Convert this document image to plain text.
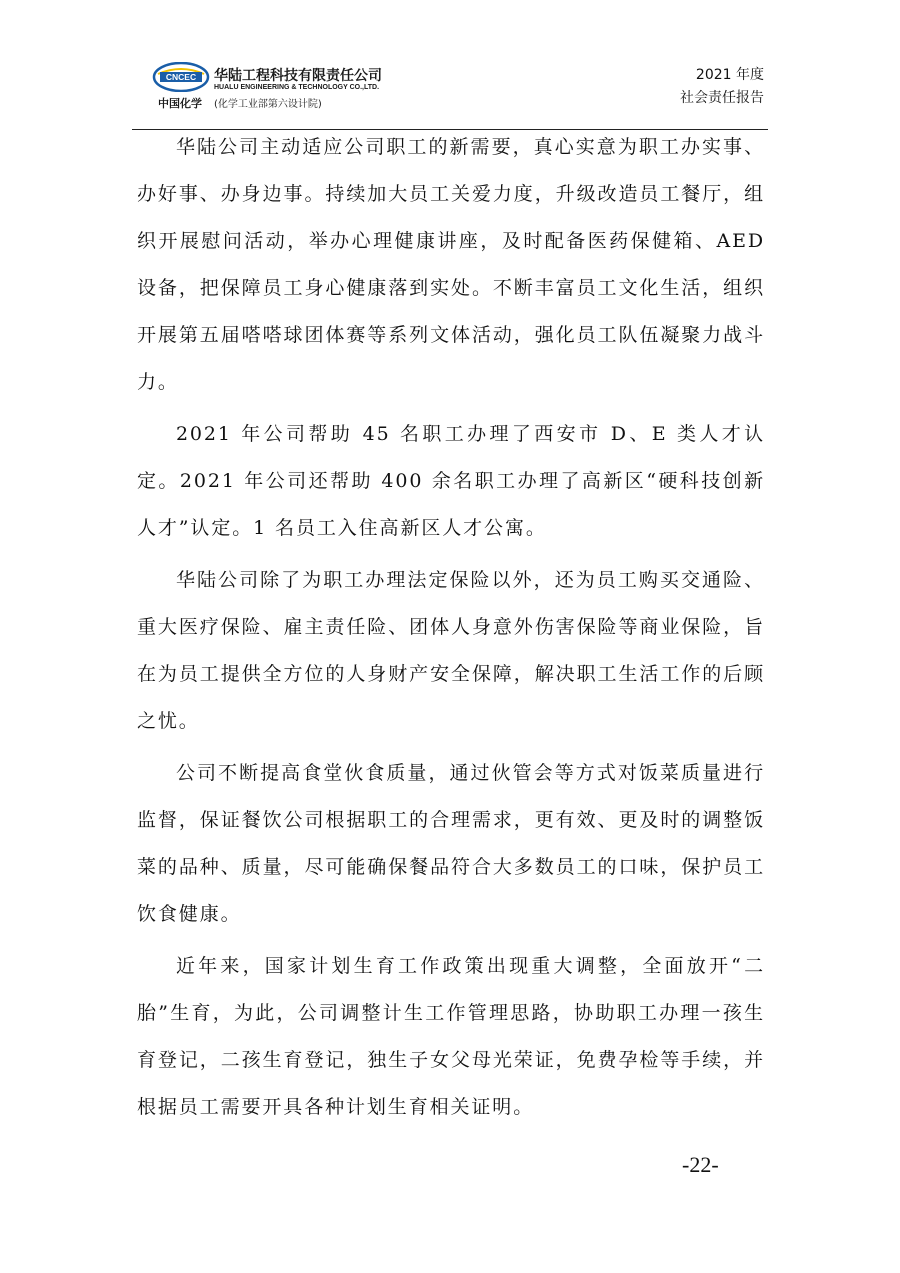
CNCEC 华陆工程科技有限责任公司
HUALU ENGINEERING & TECHNOLOGY CO.,LTD.
中国化学 (化学工业部第六设计院)
2021 年度
社会责任报告

华陆公司主动适应公司职工的新需要，真心实意为职工办实事、办好事、办身边事。持续加大员工关爱力度，升级改造员工餐厅，组织开展慰问活动，举办心理健康讲座，及时配备医药保健箱、AED设备，把保障员工身心健康落到实处。不断丰富员工文化生活，组织开展第五届嗒嗒球团体赛等系列文体活动，强化员工队伍凝聚力战斗力。

2021 年公司帮助 45 名职工办理了西安市 D、E 类人才认定。2021 年公司还帮助 400 余名职工办理了高新区“硬科技创新人才”认定。1 名员工入住高新区人才公寓。

华陆公司除了为职工办理法定保险以外，还为员工购买交通险、重大医疗保险、雇主责任险、团体人身意外伤害保险等商业保险，旨在为员工提供全方位的人身财产安全保障，解决职工生活工作的后顾之忧。

公司不断提高食堂伙食质量，通过伙管会等方式对饭菜质量进行监督，保证餐饮公司根据职工的合理需求，更有效、更及时的调整饭菜的品种、质量，尽可能确保餐品符合大多数员工的口味，保护员工饮食健康。

近年来，国家计划生育工作政策出现重大调整，全面放开“二胎”生育，为此，公司调整计生工作管理思路，协助职工办理一孩生育登记，二孩生育登记，独生子女父母光荣证，免费孕检等手续，并根据员工需要开具各种计划生育相关证明。

-22-
